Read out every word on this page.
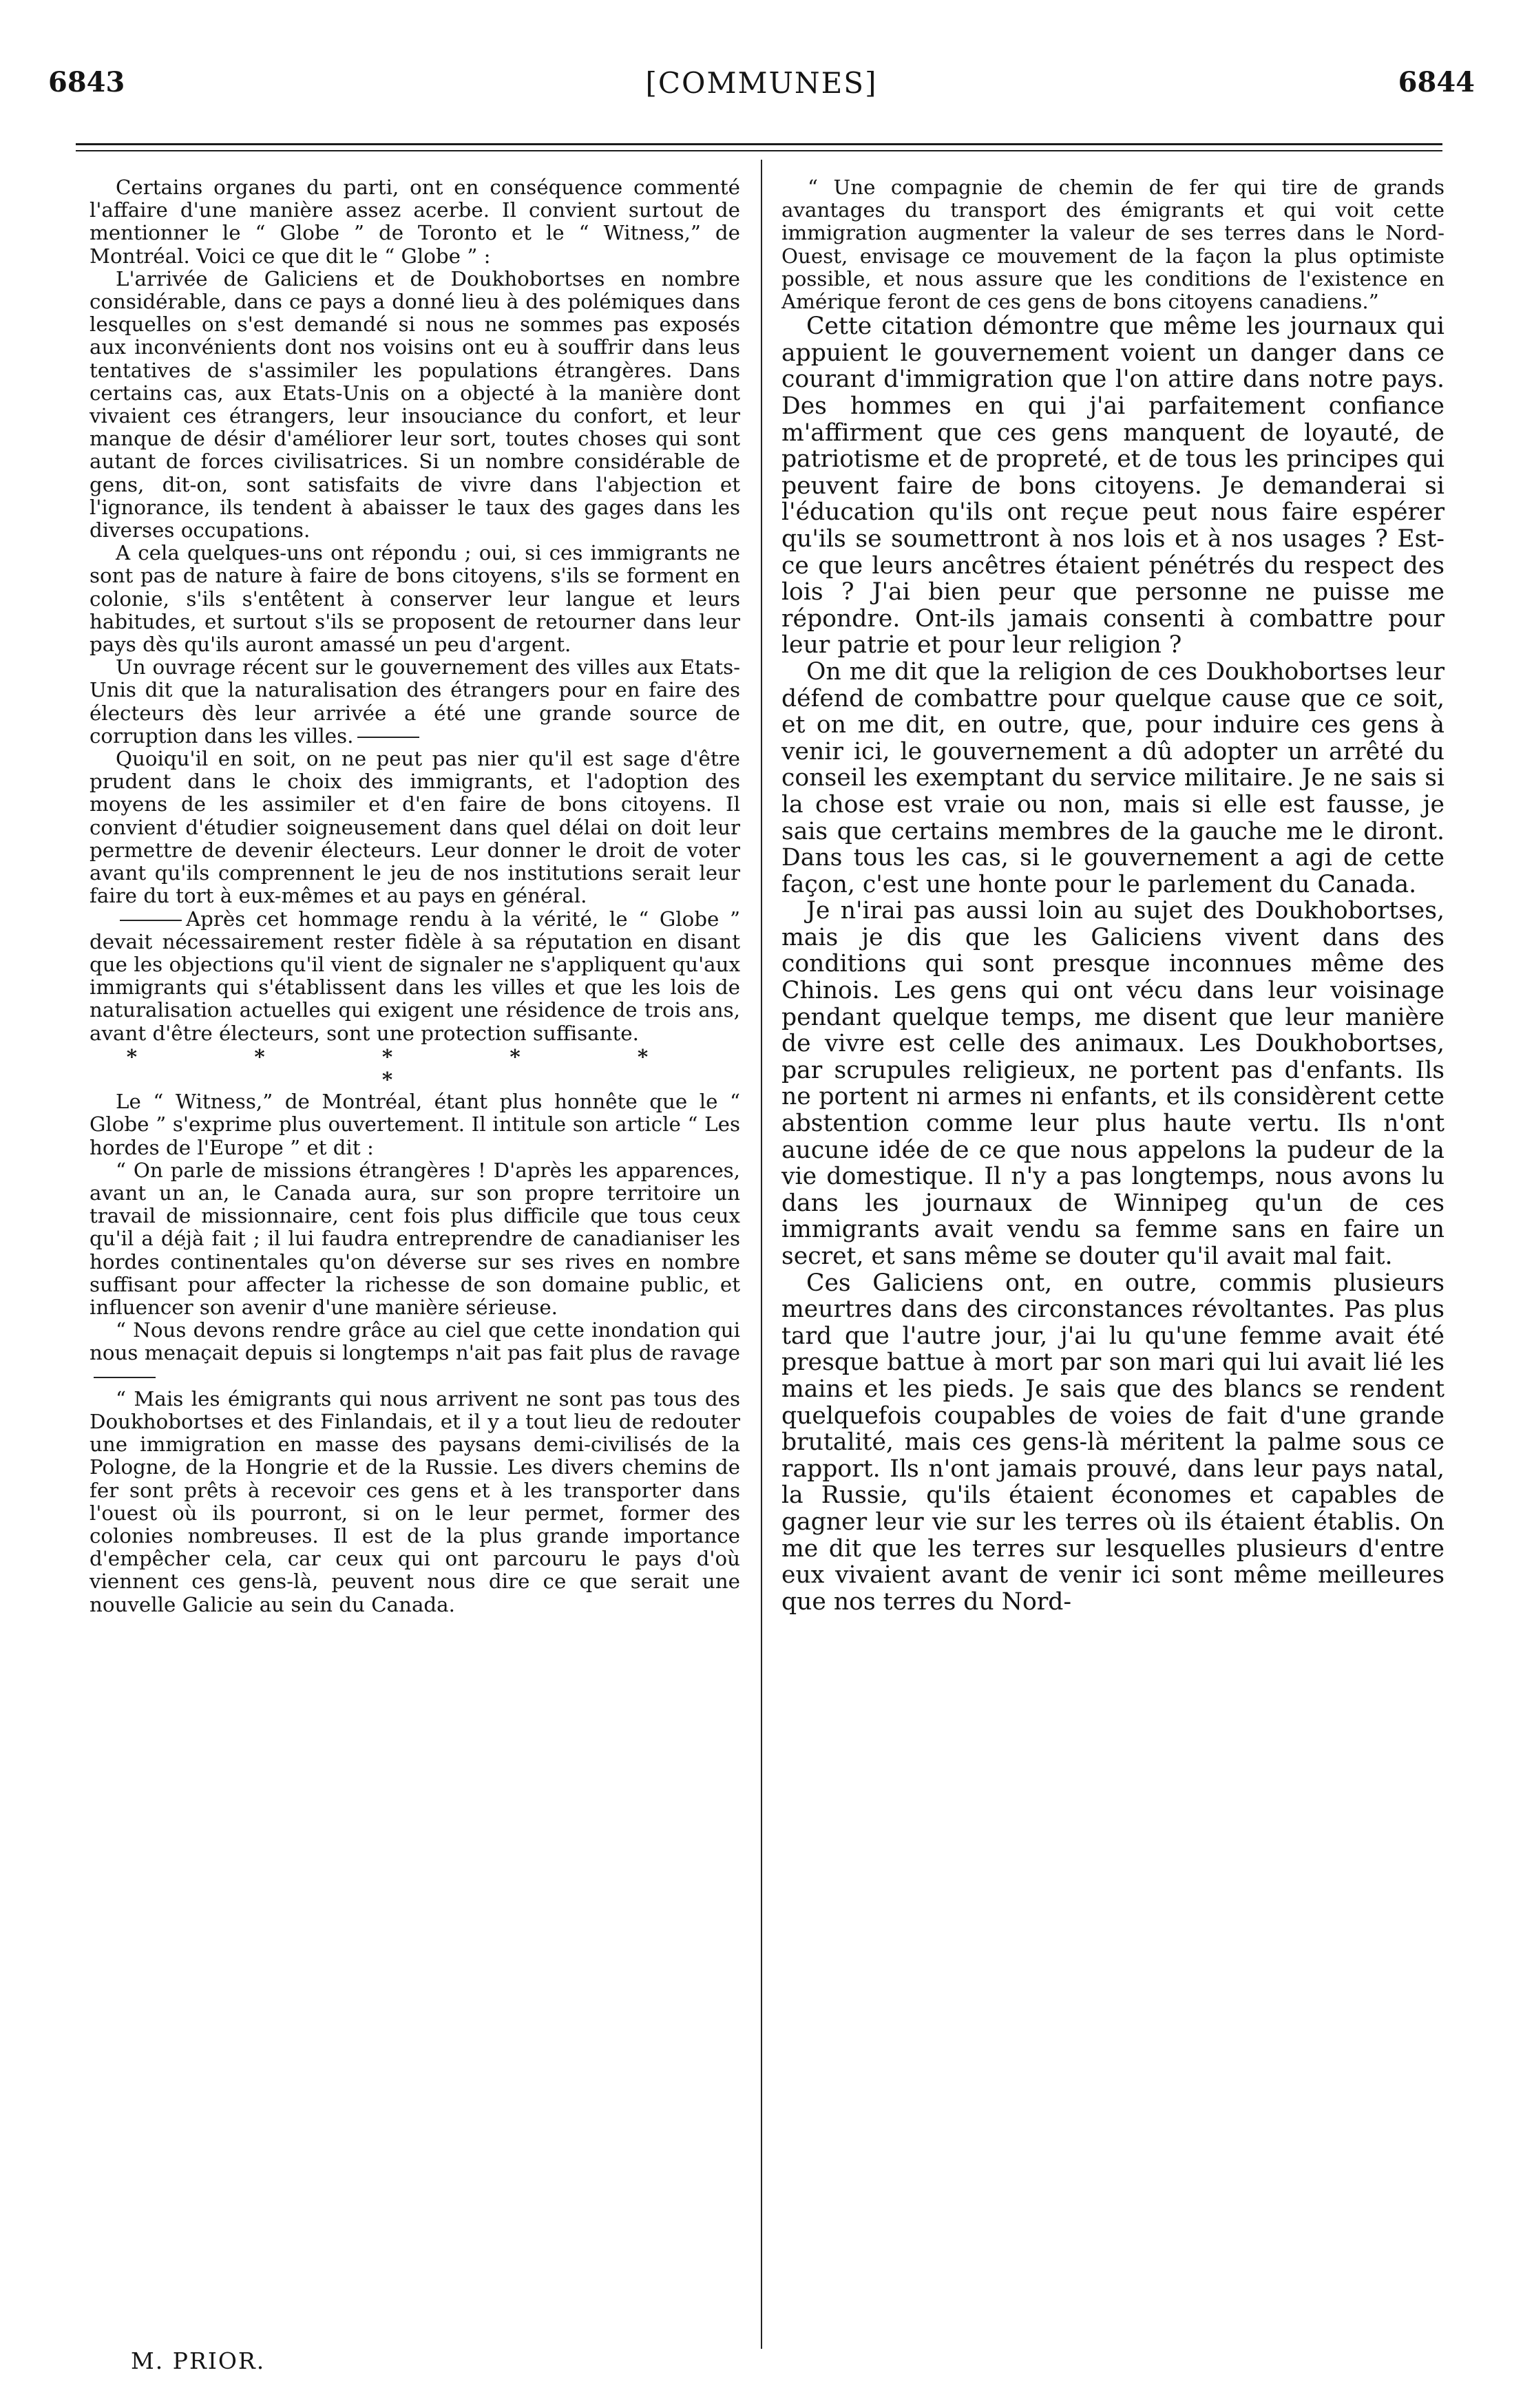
6843	[COMMUNES]	6844

Certains organes du parti, ont en conséquence commenté l'affaire d'une manière assez acerbe. Il convient surtout de mentionner le “ Globe ” de Toronto et le “ Witness,” de Montréal. Voici ce que dit le “ Globe ” :

L'arrivée de Galiciens et de Doukhobortses en nombre considérable, dans ce pays a donné lieu à des polémiques dans lesquelles on s'est demandé si nous ne sommes pas exposés aux inconvénients dont nos voisins ont eu à souffrir dans leus tentatives de s'assimiler les populations étrangères. Dans certains cas, aux Etats-Unis on a objecté à la manière dont vivaient ces étrangers, leur insouciance du confort, et leur manque de désir d'améliorer leur sort, toutes choses qui sont autant de forces civilisatrices. Si un nombre considérable de gens, dit-on, sont satisfaits de vivre dans l'abjection et l'ignorance, ils tendent à abaisser le taux des gages dans les diverses occupations.

A cela quelques-uns ont répondu ; oui, si ces immigrants ne sont pas de nature à faire de bons citoyens, s'ils se forment en colonie, s'ils s'entêtent à conserver leur langue et leurs habitudes, et surtout s'ils se proposent de retourner dans leur pays dès qu'ils auront amassé un peu d'argent.

Un ouvrage récent sur le gouvernement des villes aux Etats-Unis dit que la naturalisation des étrangers pour en faire des électeurs dès leur arrivée a été une grande source de corruption dans les villes.

Quoiqu'il en soit, on ne peut pas nier qu'il est sage d'être prudent dans le choix des immigrants, et l'adoption des moyens de les assimiler et d'en faire de bons citoyens. Il convient d'étudier soigneusement dans quel délai on doit leur permettre de devenir électeurs. Leur donner le droit de voter avant qu'ils comprennent le jeu de nos institutions serait leur faire du tort à eux-mêmes et au pays en général.

Après cet hommage rendu à la vérité, le “ Globe ” devait nécessairement rester fidèle à sa réputation en disant que les objections qu'il vient de signaler ne s'appliquent qu'aux immigrants qui s'établissent dans les villes et que les lois de naturalisation actuelles qui exigent une résidence de trois ans, avant d'être électeurs, sont une protection suffisante.

* * * * * *

Le “ Witness,” de Montréal, étant plus honnête que le “ Globe ” s'exprime plus ouvertement. Il intitule son article “ Les hordes de l'Europe ” et dit :

“ On parle de missions étrangères ! D'après les apparences, avant un an, le Canada aura, sur son propre territoire un travail de missionnaire, cent fois plus difficile que tous ceux qu'il a déjà fait ; il lui faudra entreprendre de canadianiser les hordes continentales qu'on déverse sur ses rives en nombre suffisant pour affecter la richesse de son domaine public, et influencer son avenir d'une manière sérieuse.

“ Nous devons rendre grâce au ciel que cette inondation qui nous menaçait depuis si longtemps n'ait pas fait plus de ravage

“ Mais les émigrants qui nous arrivent ne sont pas tous des Doukhobortses et des Finlandais, et il y a tout lieu de redouter une immigration en masse des paysans demi-civilisés de la Pologne, de la Hongrie et de la Russie. Les divers chemins de fer sont prêts à recevoir ces gens et à les transporter dans l'ouest où ils pourront, si on le leur permet, former des colonies nombreuses. Il est de la plus grande importance d'empêcher cela, car ceux qui ont parcouru le pays d'où viennent ces gens-là, peuvent nous dire ce que serait une nouvelle Galicie au sein du Canada.

“ Une compagnie de chemin de fer qui tire de grands avantages du transport des émigrants et qui voit cette immigration augmenter la valeur de ses terres dans le Nord-Ouest, envisage ce mouvement de la façon la plus optimiste possible, et nous assure que les conditions de l'existence en Amérique feront de ces gens de bons citoyens canadiens.”

Cette citation démontre que même les journaux qui appuient le gouvernement voient un danger dans ce courant d'immigration que l'on attire dans notre pays. Des hommes en qui j'ai parfaitement confiance m'affirment que ces gens manquent de loyauté, de patriotisme et de propreté, et de tous les principes qui peuvent faire de bons citoyens. Je demanderai si l'éducation qu'ils ont reçue peut nous faire espérer qu'ils se soumettront à nos lois et à nos usages ? Est-ce que leurs ancêtres étaient pénétrés du respect des lois ? J'ai bien peur que personne ne puisse me répondre. Ont-ils jamais consenti à combattre pour leur patrie et pour leur religion ?

On me dit que la religion de ces Doukhobortses leur défend de combattre pour quelque cause que ce soit, et on me dit, en outre, que, pour induire ces gens à venir ici, le gouvernement a dû adopter un arrêté du conseil les exemptant du service militaire. Je ne sais si la chose est vraie ou non, mais si elle est fausse, je sais que certains membres de la gauche me le diront. Dans tous les cas, si le gouvernement a agi de cette façon, c'est une honte pour le parlement du Canada.

Je n'irai pas aussi loin au sujet des Doukhobortses, mais je dis que les Galiciens vivent dans des conditions qui sont presque inconnues même des Chinois. Les gens qui ont vécu dans leur voisinage pendant quelque temps, me disent que leur manière de vivre est celle des animaux. Les Doukhobortses, par scrupules religieux, ne portent pas d'enfants. Ils ne portent ni armes ni enfants, et ils considèrent cette abstention comme leur plus haute vertu. Ils n'ont aucune idée de ce que nous appelons la pudeur de la vie domestique. Il n'y a pas longtemps, nous avons lu dans les journaux de Winnipeg qu'un de ces immigrants avait vendu sa femme sans en faire un secret, et sans même se douter qu'il avait mal fait.

Ces Galiciens ont, en outre, commis plusieurs meurtres dans des circonstances révoltantes. Pas plus tard que l'autre jour, j'ai lu qu'une femme avait été presque battue à mort par son mari qui lui avait lié les mains et les pieds. Je sais que des blancs se rendent quelquefois coupables de voies de fait d'une grande brutalité, mais ces gens-là méritent la palme sous ce rapport. Ils n'ont jamais prouvé, dans leur pays natal, la Russie, qu'ils étaient économes et capables de gagner leur vie sur les terres où ils étaient établis. On me dit que les terres sur lesquelles plusieurs d'entre eux vivaient avant de venir ici sont même meilleures que nos terres du Nord-

M. PRIOR.
